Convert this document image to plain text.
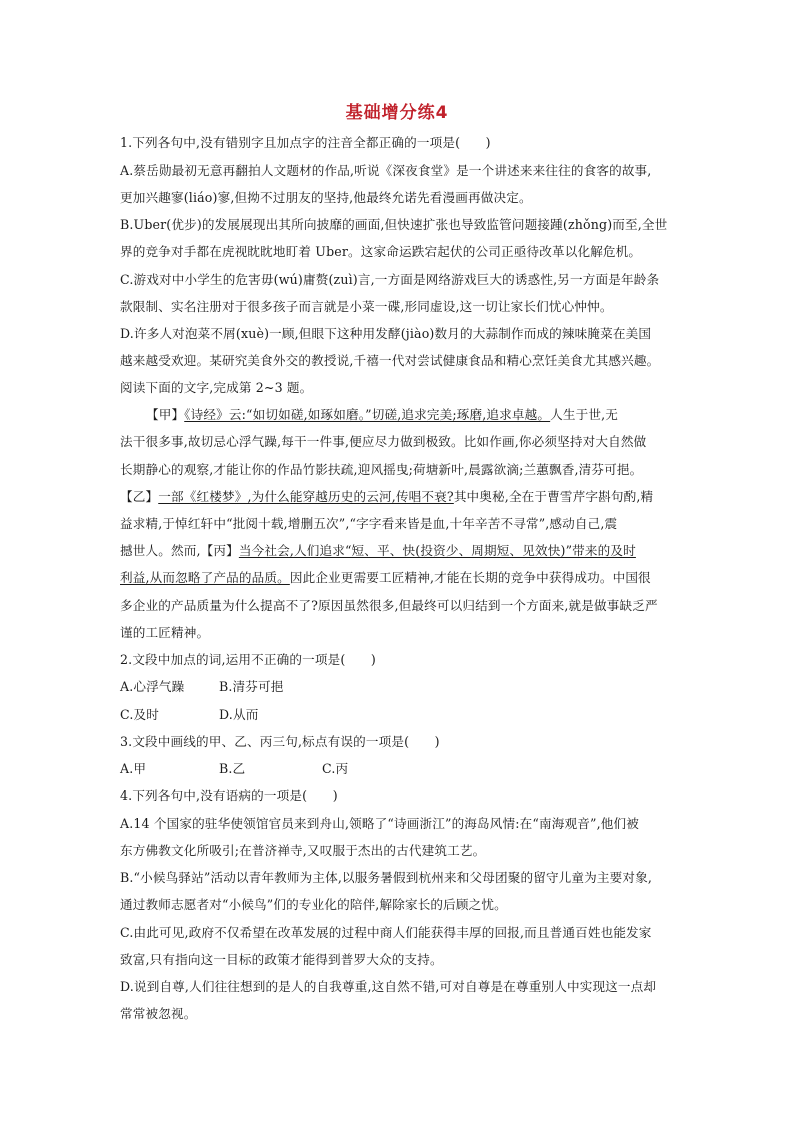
基础增分练4
1.下列各句中,没有错别字且加点字的注音全都正确的一项是(　　)
A.蔡岳勋最初无意再翻拍人文题材的作品,听说《深夜食堂》是一个讲述来来往往的食客的故事,
更加兴趣寥(liáo)寥,但拗不过朋友的坚持,他最终允诺先看漫画再做决定。
B.Uber(优步)的发展展现出其所向披靡的画面,但快速扩张也导致监管问题接踵(zhǒng)而至,全世
界的竞争对手都在虎视眈眈地盯着 Uber。这家命运跌宕起伏的公司正亟待改革以化解危机。
C.游戏对中小学生的危害毋(wú)庸赘(zuì)言,一方面是网络游戏巨大的诱惑性,另一方面是年龄条
款限制、实名注册对于很多孩子而言就是小菜一碟,形同虚设,这一切让家长们忧心忡忡。
D.许多人对泡菜不屑(xuè)一顾,但眼下这种用发酵(jiào)数月的大蒜制作而成的辣味腌菜在美国
越来越受欢迎。某研究美食外交的教授说,千禧一代对尝试健康食品和精心烹饪美食尤其感兴趣。
阅读下面的文字,完成第 2~3 题。
【甲】《诗经》云:“如切如磋,如琢如磨。”切磋,追求完美;琢磨,追求卓越。人生于世,无
法干很多事,故切忌心浮气躁,每干一件事,便应尽力做到极致。比如作画,你必须坚持对大自然做
长期静心的观察,才能让你的作品竹影扶疏,迎风摇曳;荷塘新叶,晨露欲滴;兰蕙飘香,清芬可挹。
【乙】一部《红楼梦》,为什么能穿越历史的云河,传唱不衰?其中奥秘,全在于曹雪芹字斟句酌,精
益求精,于悼红轩中“批阅十载,增删五次”,“字字看来皆是血,十年辛苦不寻常”,感动自己,震
撼世人。然而,【丙】当今社会,人们追求“短、平、快(投资少、周期短、见效快)”带来的及时
利益,从而忽略了产品的品质。因此企业更需要工匠精神,才能在长期的竞争中获得成功。中国很
多企业的产品质量为什么提高不了?原因虽然很多,但最终可以归结到一个方面来,就是做事缺乏严
谨的工匠精神。
2.文段中加点的词,运用不正确的一项是(　　)
A.心浮气躁	B.清芬可挹
C.及时	D.从而
3.文段中画线的甲、乙、丙三句,标点有误的一项是(　　)
A.甲	B.乙	C.丙
4.下列各句中,没有语病的一项是(　　)
A.14 个国家的驻华使领馆官员来到舟山,领略了“诗画浙江”的海岛风情:在“南海观音”,他们被
东方佛教文化所吸引;在普济禅寺,又叹服于杰出的古代建筑工艺。
B.“小候鸟驿站”活动以青年教师为主体,以服务暑假到杭州来和父母团聚的留守儿童为主要对象,
通过教师志愿者对“小候鸟”们的专业化的陪伴,解除家长的后顾之忧。
C.由此可见,政府不仅希望在改革发展的过程中商人们能获得丰厚的回报,而且普通百姓也能发家
致富,只有指向这一目标的政策才能得到普罗大众的支持。
D.说到自尊,人们往往想到的是人的自我尊重,这自然不错,可对自尊是在尊重别人中实现这一点却
常常被忽视。
